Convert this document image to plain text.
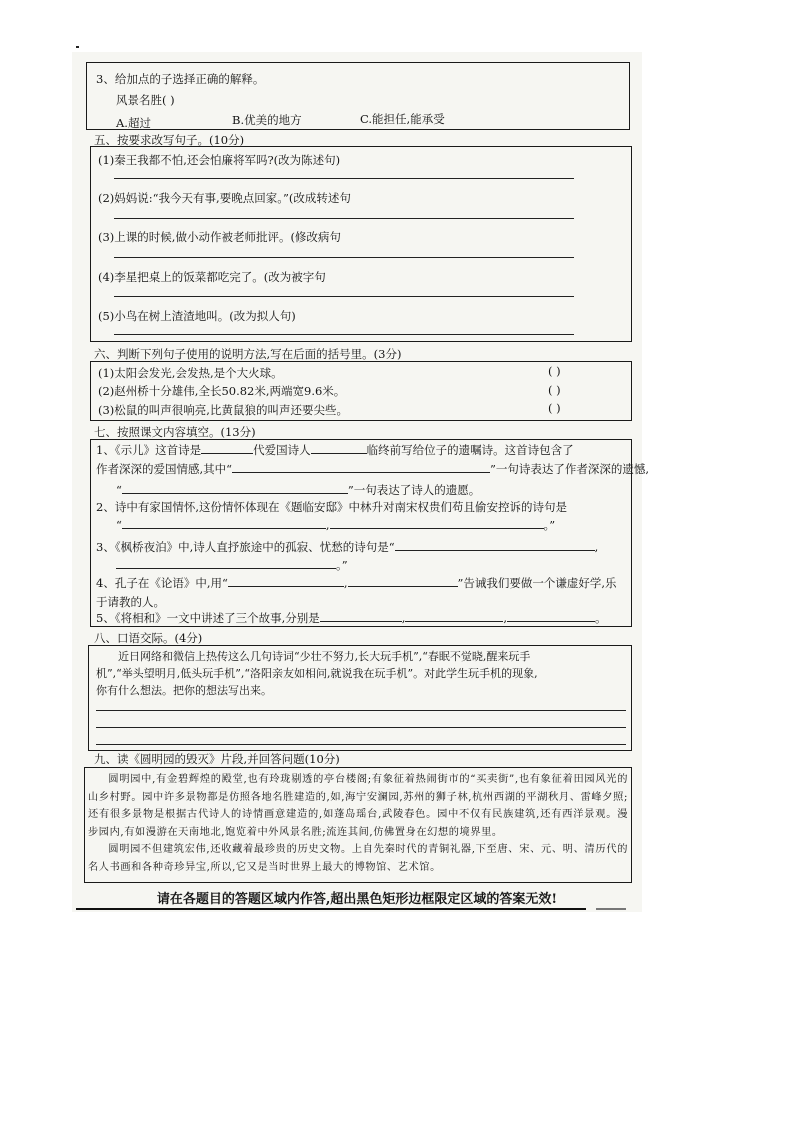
3、给加点的子选择正确的解释。
风景名胜( )
A.超过	B.优美的地方	C.能担任,能承受
五、按要求改写句子。(10分)
(1)秦王我都不怕,还会怕廉将军吗?(改为陈述句)
(2)妈妈说:“我今天有事,要晚点回家。”(改成转述句
(3)上课的时候,做小动作被老师批评。(修改病句
(4)李星把桌上的饭菜都吃完了。(改为被字句
(5)小鸟在树上渣渣地叫。(改为拟人句)
六、判断下列句子使用的说明方法,写在后面的括号里。(3分)
(1)太阳会发光,会发热,是个大火球。	( )
(2)赵州桥十分雄伟,全长50.82米,两端宽9.6米。	( )
(3)松鼠的叫声很响亮,比黄鼠狼的叫声还要尖些。	( )
七、按照课文内容填空。(13分)
1、《示儿》这首诗是	代爱国诗人	临终前写给位子的遗嘱诗。这首诗包含了
作者深深的爱国情感,其中“	”一句诗表达了作者深深的遗憾,
“	”一句表达了诗人的遗愿。
2、诗中有家国情怀,这份情怀体现在《题临安邸》中林升对南宋权贵们苟且偷安控诉的诗句是
“	,	。”
3、《枫桥夜泊》中,诗人直抒旅途中的孤寂、忧愁的诗句是“	,
。”
4、孔子在《论语》中,用“	,	”告诫我们要做一个谦虚好学,乐
于请教的人。
5、《将相和》一文中讲述了三个故事,分别是	,	,	。
八、口语交际。(4分)
近日网络和微信上热传这么几句诗词“少壮不努力,长大玩手机”,“春眠不觉晓,醒来玩手
机”,“举头望明月,低头玩手机”,“洛阳亲友如相问,就说我在玩手机”。对此学生玩手机的现象,
你有什么想法。把你的想法写出来。
九、读《圆明园的毁灭》片段,并回答问题(10分)

圆明园中,有金碧辉煌的殿堂,也有玲珑剔透的亭台楼阁;有象征着热闹街市的“买卖街”,也有象征着田园风光的山乡村野。园中许多景物都是仿照各地名胜建造的,如,海宁安澜园,苏州的狮子林,杭州西湖的平湖秋月、雷峰夕照;还有很多景物是根据古代诗人的诗情画意建造的,如蓬岛瑶台,武陵春色。园中不仅有民族建筑,还有西洋景观。漫步园内,有如漫游在天南地北,饱览着中外风景名胜;流连其间,仿佛置身在幻想的境界里。

圆明园不但建筑宏伟,还收藏着最珍贵的历史文物。上自先秦时代的青铜礼器,下至唐、宋、元、明、清历代的名人书画和各种奇珍异宝,所以,它又是当时世界上最大的博物馆、艺术馆。

请在各题目的答题区域内作答,超出黑色矩形边框限定区域的答案无效!
